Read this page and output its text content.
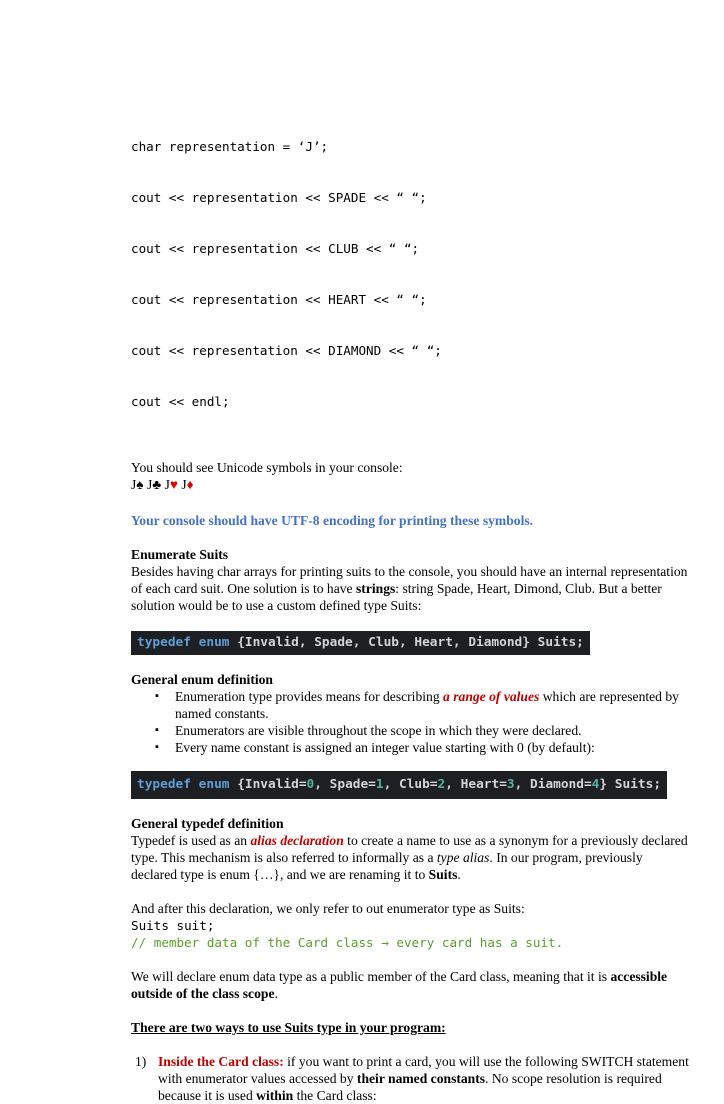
char representation = ‘J’;

cout << representation << SPADE << “ “;

cout << representation << CLUB << “ “;

cout << representation << HEART << “ “;

cout << representation << DIAMOND << “ “;

cout << endl;

You should see Unicode symbols in your console:

J♠ J♣ J♥ J♦

Your console should have UTF-8 encoding for printing these symbols.

Enumerate Suits

Besides having char arrays for printing suits to the console, you should have an internal representation of each card suit. One solution is to have strings: string Spade, Heart, Dimond, Club. But a better solution would be to use a custom defined type Suits:

typedef enum {Invalid, Spade, Club, Heart, Diamond} Suits;

General enum definition

▪ Enumeration type provides means for describing a range of values which are represented by named constants.
▪ Enumerators are visible throughout the scope in which they were declared.
▪ Every name constant is assigned an integer value starting with 0 (by default):
typedef enum {Invalid=0, Spade=1, Club=2, Heart=3, Diamond=4} Suits;

General typedef definition

Typedef is used as an alias declaration to create a name to use as a synonym for a previously declared type. This mechanism is also referred to informally as a type alias. In our program, previously declared type is enum {…}, and we are renaming it to Suits.

And after this declaration, we only refer to out enumerator type as Suits:

Suits suit;
// member data of the Card class → every card has a suit.

We will declare enum data type as a public member of the Card class, meaning that it is accessible outside of the class scope.

There are two ways to use Suits type in your program:

1) Inside the Card class: if you want to print a card, you will use the following SWITCH statement with enumerator values accessed by their named constants. No scope resolution is required because it is used within the Card class:
